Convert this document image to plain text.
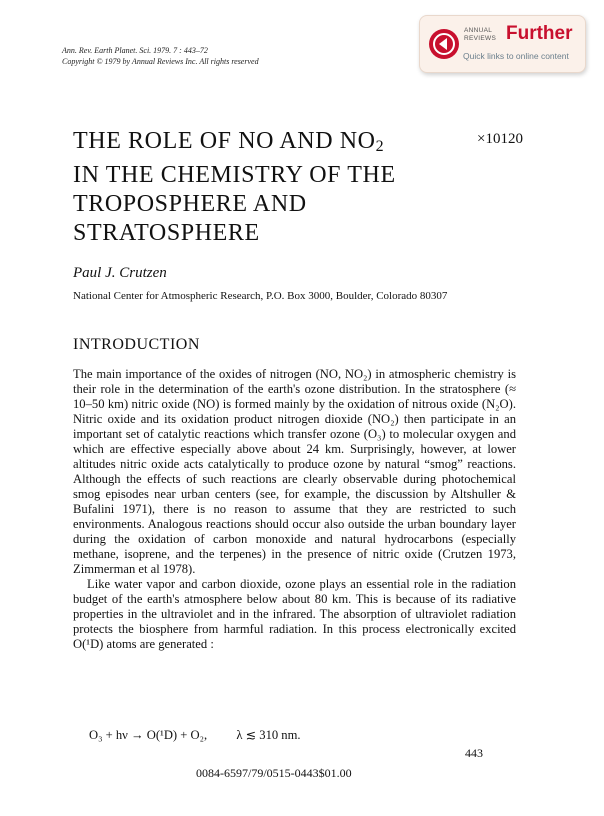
Ann. Rev. Earth Planet. Sci. 1979. 7 : 443–72
Copyright © 1979 by Annual Reviews Inc. All rights reserved
ANNUAL
REVIEWS Further
Quick links to online content
THE ROLE OF NO AND $NO_2$
IN THE CHEMISTRY OF THE
TROPOSPHERE AND
STRATOSPHERE
×10120
Paul J. Crutzen
National Center for Atmospheric Research, P.O. Box 3000, Boulder, Colorado 80307
INTRODUCTION

The main importance of the oxides of nitrogen (NO, NO₂) in atmospheric chemistry is their role in the determination of the earth's ozone distribution. In the stratosphere (≈ 10–50 km) nitric oxide (NO) is formed mainly by the oxidation of nitrous oxide (N₂O). Nitric oxide and its oxidation product nitrogen dioxide (NO₂) then participate in an important set of catalytic reactions which transfer ozone (O₃) to molecular oxygen and which are effective especially above about 24 km. Surprisingly, however, at lower altitudes nitric oxide acts catalytically to produce ozone by natural “smog” reactions. Although the effects of such reactions are clearly observable during photochemical smog episodes near urban centers (see, for example, the discussion by Altshuller & Bufalini 1971), there is no reason to assume that they are restricted to such environments. Analogous reactions should occur also outside the urban boundary layer during the oxidation of carbon monoxide and natural hydrocarbons (especially methane, isoprene, and the terpenes) in the presence of nitric oxide (Crutzen 1973, Zimmerman et al 1978).

Like water vapor and carbon dioxide, ozone plays an essential role in the radiation budget of the earth's atmosphere below about 80 km. This is because of its radiative properties in the ultraviolet and in the infrared. The absorption of ultraviolet radiation protects the biosphere from harmful radiation. In this process electronically excited O(¹D) atoms are generated :

O₃ + hν → O(¹D) + O₂, λ ≲ 310 nm.
443
0084-6597/79/0515-0443$01.00
